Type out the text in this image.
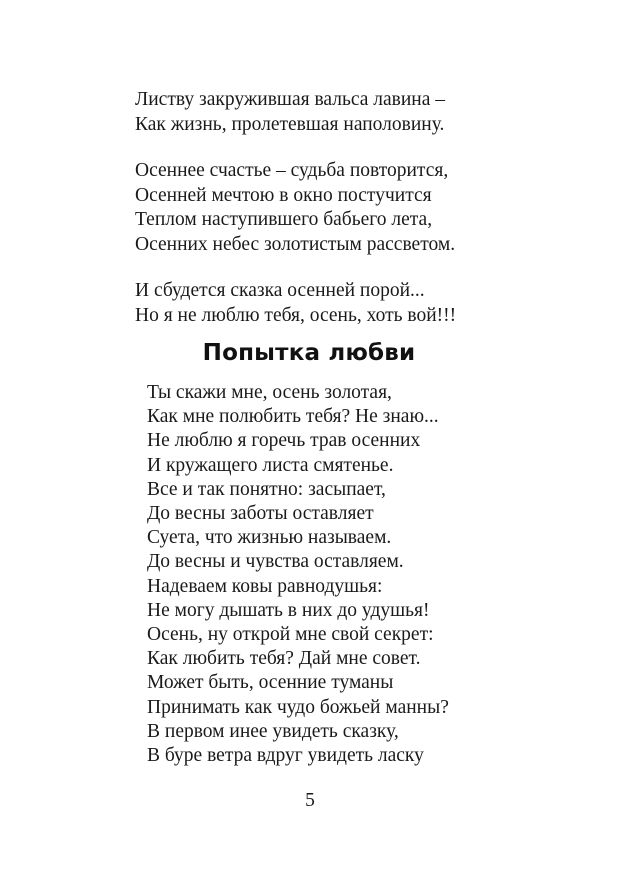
Листву закружившая вальса лавина –
Как жизнь, пролетевшая наполовину.

Осеннее счастье – судьба повторится,
Осенней мечтою в окно постучится
Теплом наступившего бабьего лета,
Осенних небес золотистым рассветом.

И сбудется сказка осенней порой...
Но я не люблю тебя, осень, хоть вой!!!

Попытка любви

Ты скажи мне, осень золотая,
Как мне полюбить тебя? Не знаю...
Не люблю я горечь трав осенних
И кружащего листа смятенье.
Все и так понятно: засыпает,
До весны заботы оставляет
Суета, что жизнью называем.
До весны и чувства оставляем.
Надеваем ковы равнодушья:
Не могу дышать в них до удушья!
Осень, ну открой мне свой секрет:
Как любить тебя? Дай мне совет.
Может быть, осенние туманы
Принимать как чудо божьей манны?
В первом инее увидеть сказку,
В буре ветра вдруг увидеть ласку

5
